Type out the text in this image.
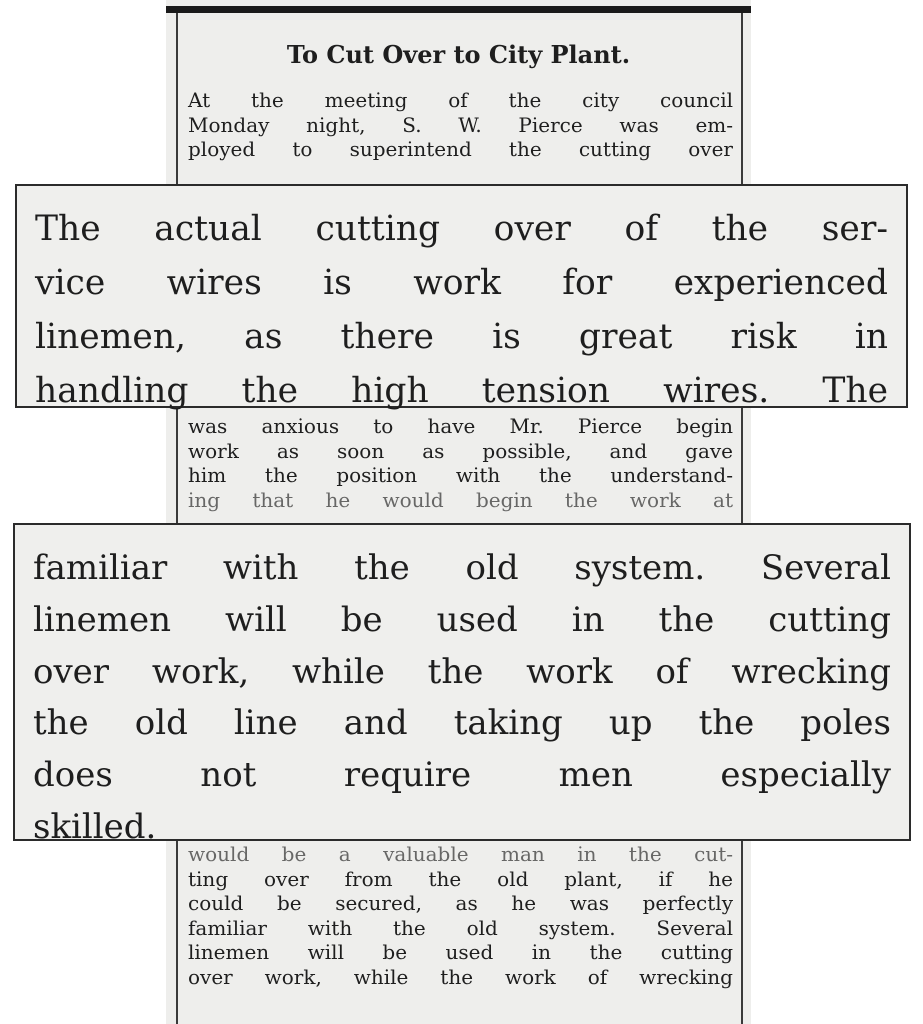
To Cut Over to City Plant.
At the meeting of the city council
Monday night, S. W. Pierce was em-
ployed to superintend the cutting over
was anxious to have Mr. Pierce begin
work as soon as possible, and gave
him the position with the understand-
ing that he would begin the work at
would be a valuable man in the cut-
ting over from the old plant, if he
could be secured, as he was perfectly
familiar with the old system. Several
linemen will be used in the cutting
over work, while the work of wrecking
The actual cutting over of the ser-
vice wires is work for experienced
linemen, as there is great risk in
handling the high tension wires. The
familiar with the old system. Several
linemen will be used in the cutting
over work, while the work of wrecking
the old line and taking up the poles
does not require men especially
skilled.
